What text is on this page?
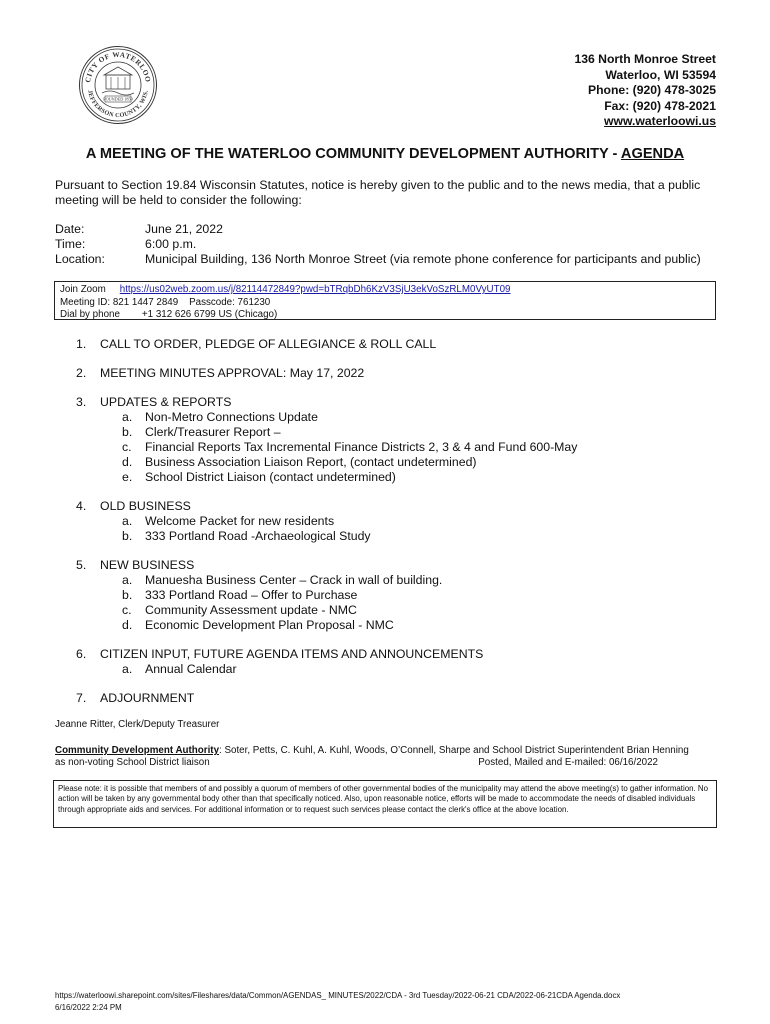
CITY OF WATERLOO
JEFFERSON COUNTY, WIS.
FOUNDED 1859
136 North Monroe Street
Waterloo, WI 53594
Phone: (920) 478-3025
Fax: (920) 478-2021
www.waterloowi.us
A MEETING OF THE WATERLOO COMMUNITY DEVELOPMENT AUTHORITY - AGENDA
Pursuant to Section 19.84 Wisconsin Statutes, notice is hereby given to the public and to the news media, that a public meeting will be held to consider the following:
Date:	June 21, 2022
Time:	6:00 p.m.
Location:	Municipal Building, 136 North Monroe Street (via remote phone conference for participants and public)
Join Zoom https://us02web.zoom.us/j/82114472849?pwd=bTRqbDh6KzV3SjU3ekVoSzRLM0VyUT09
Meeting ID: 821 1447 2849 Passcode: 761230
Dial by phone +1 312 626 6799 US (Chicago)
1.	CALL TO ORDER, PLEDGE OF ALLEGIANCE & ROLL CALL
2.	MEETING MINUTES APPROVAL: May 17, 2022
3.	UPDATES & REPORTS
a.	Non-Metro Connections Update
b.	Clerk/Treasurer Report –
c.	Financial Reports Tax Incremental Finance Districts 2, 3 & 4 and Fund 600-May
d.	Business Association Liaison Report, (contact undetermined)
e.	School District Liaison (contact undetermined)
4.	OLD BUSINESS
a.	Welcome Packet for new residents
b.	333 Portland Road -Archaeological Study
5.	NEW BUSINESS
a.	Manuesha Business Center – Crack in wall of building.
b.	333 Portland Road – Offer to Purchase
c.	Community Assessment update - NMC
d.	Economic Development Plan Proposal - NMC
6.	CITIZEN INPUT, FUTURE AGENDA ITEMS AND ANNOUNCEMENTS
a.	Annual Calendar
7.	ADJOURNMENT
Jeanne Ritter, Clerk/Deputy Treasurer
Community Development Authority: Soter, Petts, C. Kuhl, A. Kuhl, Woods, O’Connell, Sharpe and School District Superintendent Brian Henning
as non-voting School District liaison	Posted, Mailed and E-mailed: 06/16/2022
Please note: it is possible that members of and possibly a quorum of members of other governmental bodies of the municipality may attend the above meeting(s) to gather information. No action will be taken by any governmental body other than that specifically noticed. Also, upon reasonable notice, efforts will be made to accommodate the needs of disabled individuals through appropriate aids and services. For additional information or to request such services please contact the clerk's office at the above location.
https://waterloowi.sharepoint.com/sites/Fileshares/data/Common/AGENDAS_ MINUTES/2022/CDA - 3rd Tuesday/2022-06-21 CDA/2022-06-21CDA Agenda.docx
6/16/2022 2:24 PM
